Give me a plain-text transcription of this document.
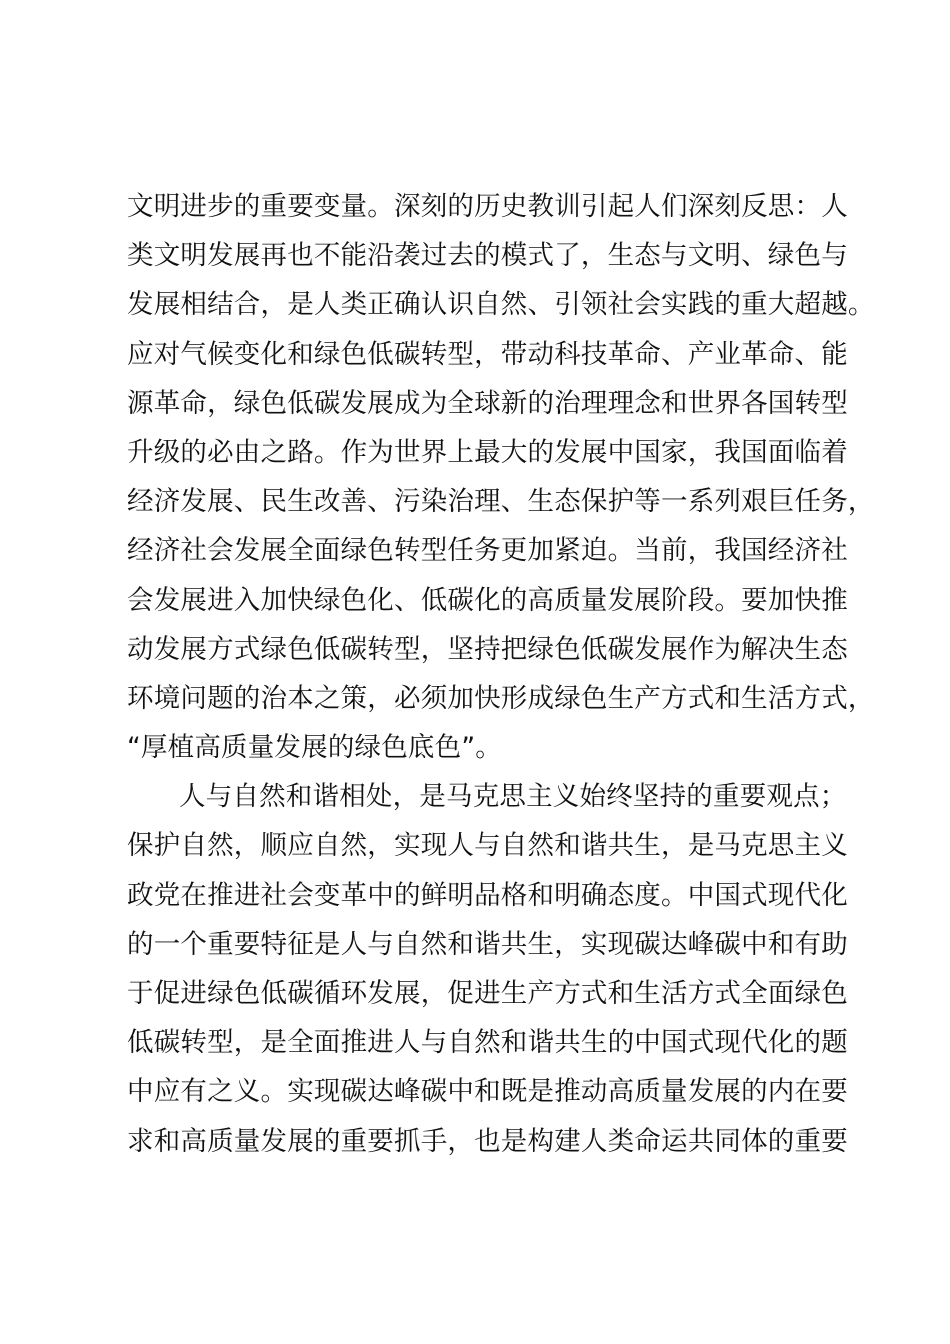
文明进步的重要变量。深刻的历史教训引起人们深刻反思：人
类文明发展再也不能沿袭过去的模式了，生态与文明、绿色与
发展相结合，是人类正确认识自然、引领社会实践的重大超越。
应对气候变化和绿色低碳转型，带动科技革命、产业革命、能
源革命，绿色低碳发展成为全球新的治理理念和世界各国转型
升级的必由之路。作为世界上最大的发展中国家，我国面临着
经济发展、民生改善、污染治理、生态保护等一系列艰巨任务，
经济社会发展全面绿色转型任务更加紧迫。当前，我国经济社
会发展进入加快绿色化、低碳化的高质量发展阶段。要加快推
动发展方式绿色低碳转型，坚持把绿色低碳发展作为解决生态
环境问题的治本之策，必须加快形成绿色生产方式和生活方式，
“厚植高质量发展的绿色底色”。
人与自然和谐相处，是马克思主义始终坚持的重要观点；
保护自然，顺应自然，实现人与自然和谐共生，是马克思主义
政党在推进社会变革中的鲜明品格和明确态度。中国式现代化
的一个重要特征是人与自然和谐共生，实现碳达峰碳中和有助
于促进绿色低碳循环发展，促进生产方式和生活方式全面绿色
低碳转型，是全面推进人与自然和谐共生的中国式现代化的题
中应有之义。实现碳达峰碳中和既是推动高质量发展的内在要
求和高质量发展的重要抓手，也是构建人类命运共同体的重要
